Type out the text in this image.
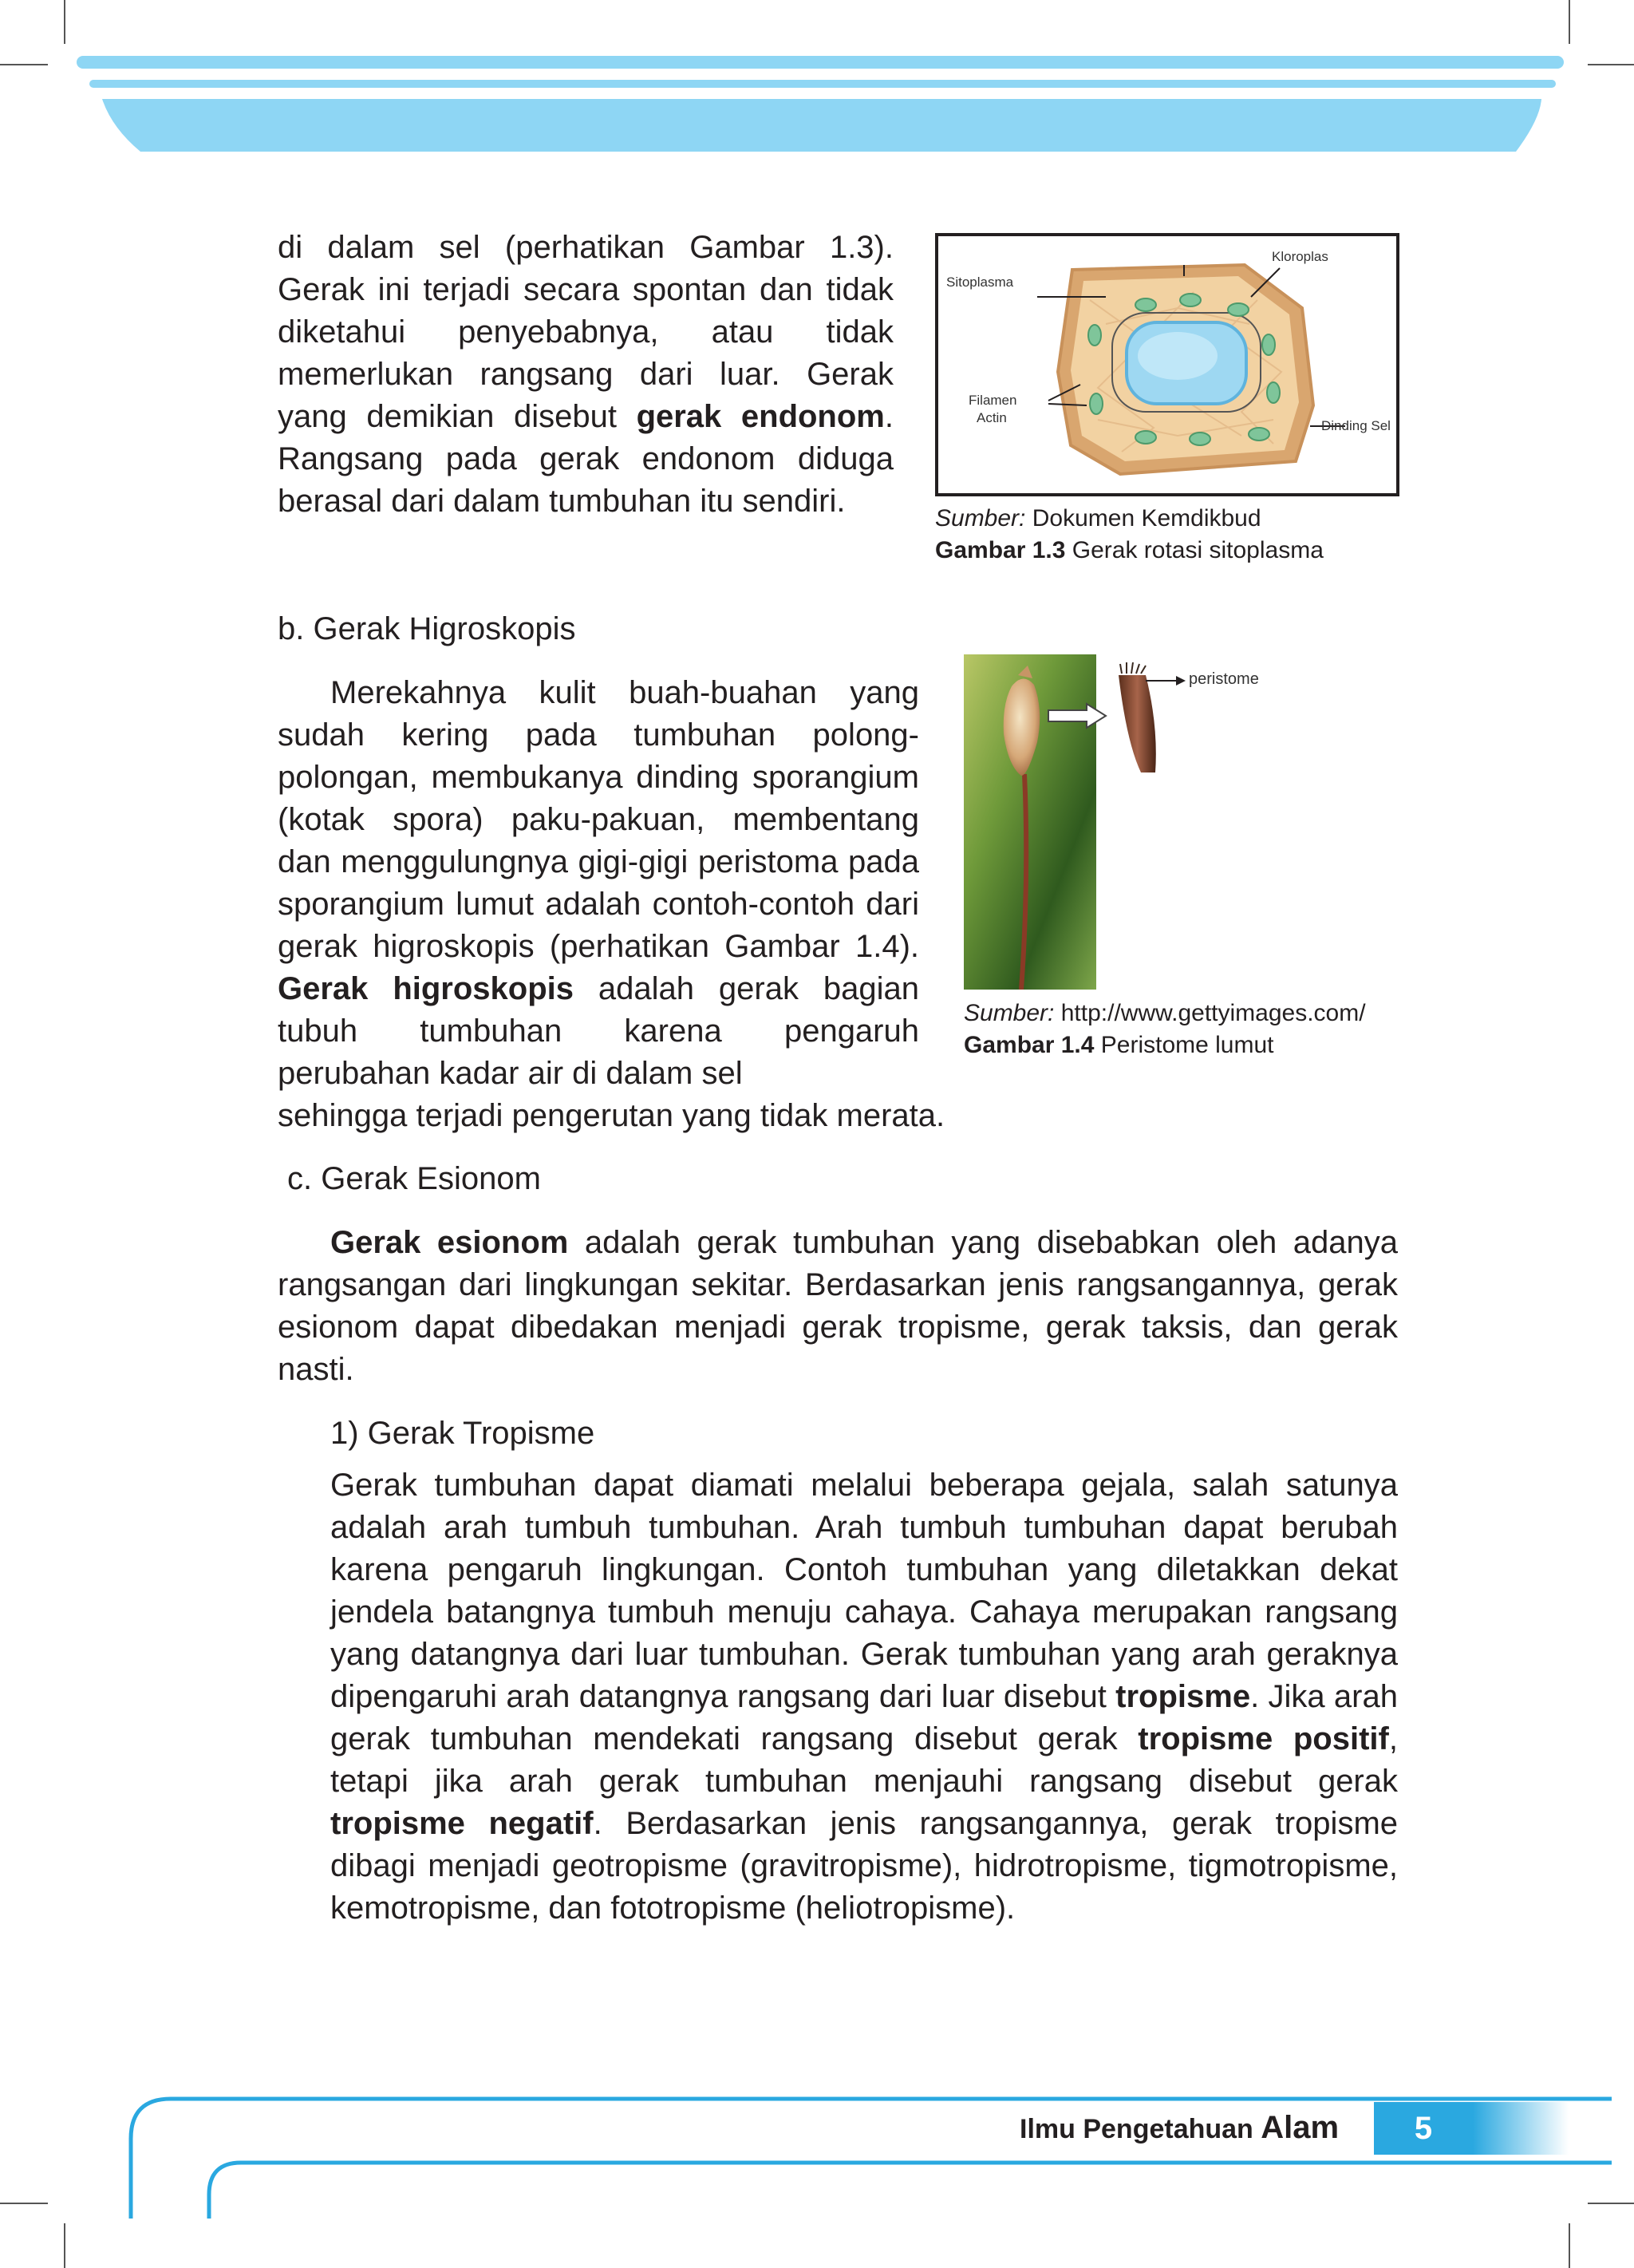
di dalam sel (perhatikan Gambar 1.3).

Gerak ini terjadi secara spontan dan tidak diketahui penyebabnya, atau tidak memerlukan rangsang dari luar. Gerak yang demikian disebut gerak endonom. Rangsang pada gerak endonom diduga berasal dari dalam tumbuhan itu sendiri.

Kloroplas
Sitoplasma
Filamen
Actin
Dinding Sel
Sumber: Dokumen Kemdikbud
Gambar 1.3 Gerak rotasi sitoplasma
b. Gerak Higroskopis

Merekahnya kulit buah-buahan yang sudah kering pada tumbuhan polong-polongan, membukanya dinding sporangium (kotak spora) paku-pakuan, membentang dan menggulungnya gigi-gigi peristoma pada sporangium lumut adalah contoh-contoh dari gerak higroskopis (perhatikan Gambar 1.4). Gerak higroskopis adalah gerak bagian tubuh tumbuhan karena pengaruh perubahan kadar air di dalam sel

sehingga terjadi pengerutan yang tidak merata.
peristome
Sumber: http://www.gettyimages.com/
Gambar 1.4 Peristome lumut
c. Gerak Esionom

Gerak esionom adalah gerak tumbuhan yang disebabkan oleh adanya rangsangan dari lingkungan sekitar. Berdasarkan jenis rangsangannya, gerak esionom dapat dibedakan menjadi gerak tropisme, gerak taksis, dan gerak nasti.

1) Gerak Tropisme

Gerak tumbuhan dapat diamati melalui beberapa gejala, salah satunya adalah arah tumbuh tumbuhan. Arah tumbuh tumbuhan dapat berubah karena pengaruh lingkungan. Contoh tumbuhan yang diletakkan dekat jendela batangnya tumbuh menuju cahaya. Cahaya merupakan rangsang yang datangnya dari luar tumbuhan. Gerak tumbuhan yang arah geraknya dipengaruhi arah datangnya rangsang dari luar disebut tropisme. Jika arah gerak tumbuhan mendekati rangsang disebut gerak tropisme positif, tetapi jika arah gerak tumbuhan menjauhi rangsang disebut gerak tropisme negatif. Berdasarkan jenis rangsangannya, gerak tropisme dibagi menjadi geotropisme (gravitropisme), hidrotropisme, tigmotropisme, kemotropisme, dan fototropisme (heliotropisme).

Ilmu Pengetahuan Alam	5
